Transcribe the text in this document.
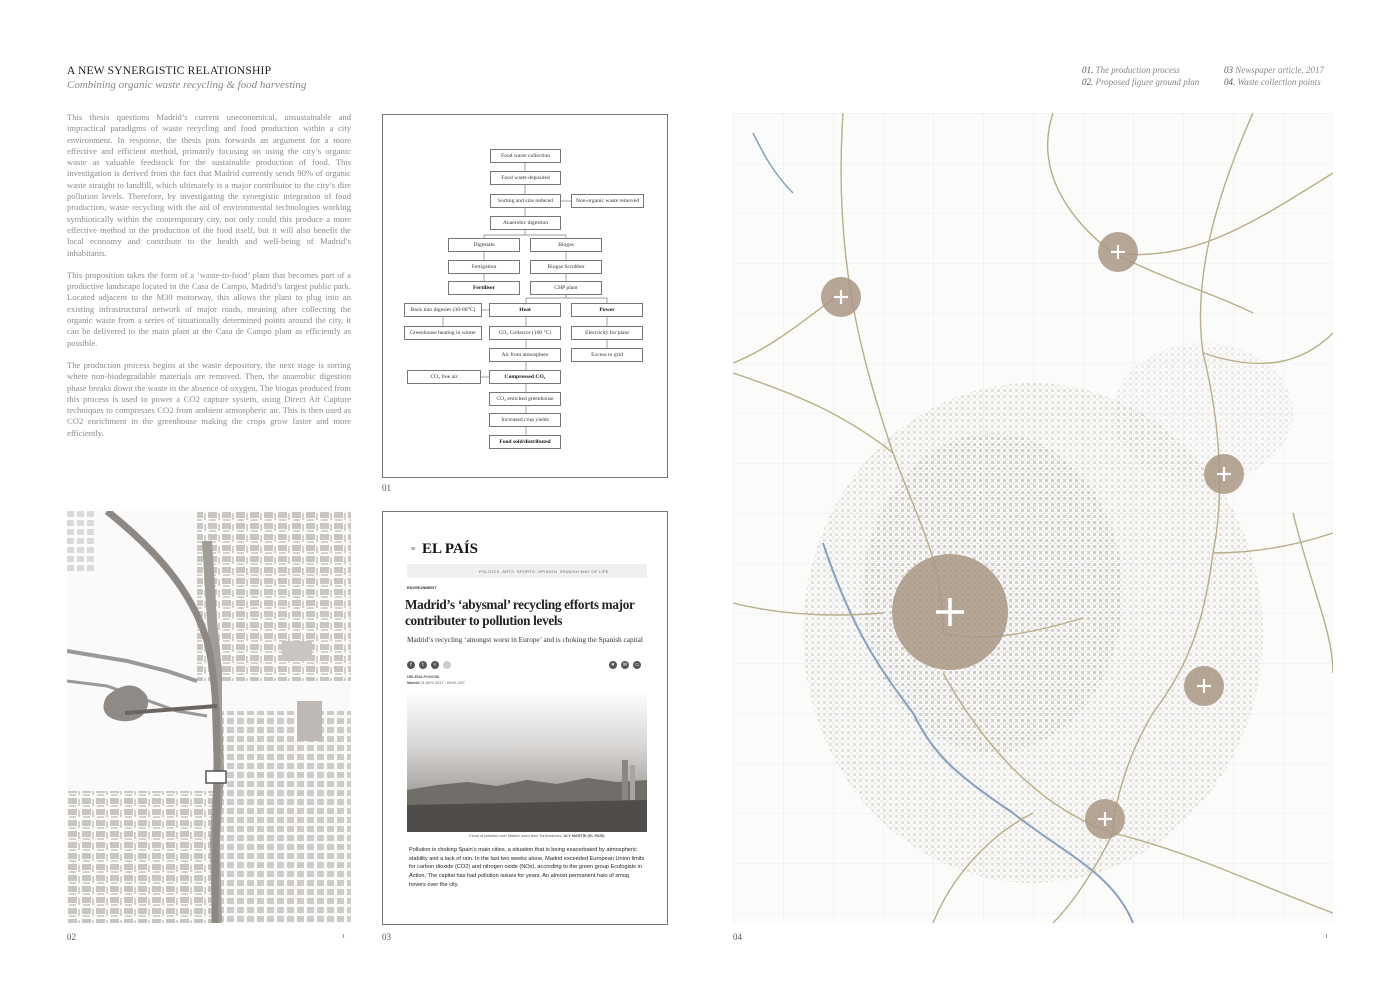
A NEW SYNERGISTIC RELATIONSHIP
Combining organic waste recycling & food harvesting
01. The production process
02. Proposed figure ground plan
03 Newspaper article, 2017
04. Waste collection points

This thesis questions Madrid’s current uneconomical, unsustainable and impractical paradigms of waste recycling and food production within a city environment. In response, the thesis puts forwards an argument for a more effective and efficient method, primarily focusing on using the city’s organic waste as valuable feedstock for the sustainable production of food. This investigation is derived from the fact that Madrid currently sends 90% of organic waste straight to landfill, which ultimately is a major contributor to the city’s dire pollution levels. Therefore, by investigating the synergistic integration of food production, waste recycling with the aid of environmental technologies working symbiotically within the contemporary city, not only could this produce a more effective method in the production of the food itself, but it will also benefit the local economy and contribute to the health and well-being of Madrid’s inhabitants.

This proposition takes the form of a ‘waste-to-food’ plant that becomes part of a productive landscape located in the Casa de Campo, Madrid’s largest public park. Located adjacent to the M30 motorway, this allows the plant to plug into an existing infrastructural network of major roads, meaning after collecting the organic waste from a series of situationally determined points around the city, it can be delivered to the main plant at the Casa de Campo plant as efficiently as possible.

The production process begins at the waste depository, the next stage is sorting where non-biodegradable materials are removed. Then, the anaerobic digestion phase breaks down the waste in the absence of oxygen. The biogas produced from this process is used to power a CO2 capture system, using Direct Air Capture techniques to compresses CO2 from ambient atmospheric air. This is then used as CO2 enrichment in the greenhouse making the crops grow faster and more efficiently.

Food waste collection
Food waste deposited
Sorting and size reduced	Non-organic waste removed
Anaerobic digestion
Digestate	Biogas
Fertigation	Biogas Scrubber
Fertiliser	CHP plant
Back into digester (30-80°C)	Heat	Power
Greenhouse heating in winter	CO₂ Collector (100 °C)	Electricity for plant
Air from atmosphere	Excess to grid
CO₂ free air	Compressed CO₂
CO₂ enriched greenhouse
Increased crop yields
Food sold/distributed
01
02	1
≡ EL PAÍS
POLITICS ARTS SPORTS OPINION SPANISH WAY OF LIFE
ENVIRONMENT
Madrid’s ‘abysmal’ recycling efforts major contributer to pollution levels
Madrid’s recycling ‘amongst worst in Europe’ and is choking the Spanish capital
f t < ·	♥ ✉ ▭
HELENA PONCINI
Madrid 21 NOV 2017 - 09:00 CET
Cloud of pollution over Madrid, seen from Torrelodones. ULY MARTÍN (EL PAÍS)
Pollution is choking Spain’s main cities, a situation that is being exacerbated by atmospheric stability and a lack of rain. In the last two weeks alone, Madrid exceeded European Union limits for carbon dioxide (CO2) and nitrogen oxide (NOx), according to the green group Ecologists in Action. The capital has had pollution issues for years. An almost permanent halo of smog hovers over the city.
03	04	1
